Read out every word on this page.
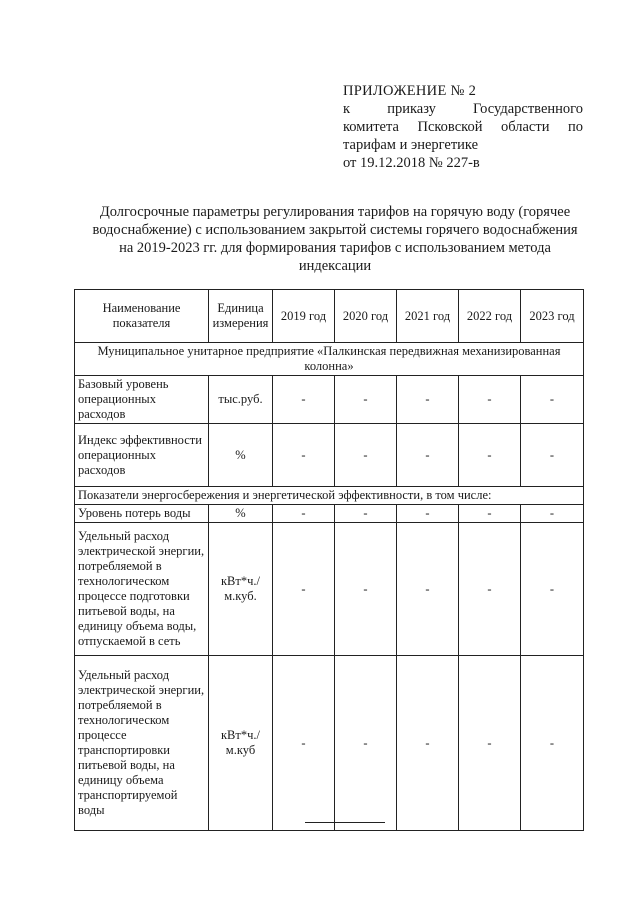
ПРИЛОЖЕНИЕ № 2
к приказу Государственного
комитета Псковской области по
тарифам и энергетике
от 19.12.2018 № 227-в
Долгосрочные параметры регулирования тарифов на горячую воду (горячее водоснабжение) с использованием закрытой системы горячего водоснабжения на 2019-2023 гг. для формирования тарифов с использованием метода индексации
Наименование показателя	Единица измерения	2019 год	2020 год	2021 год	2022 год	2023 год
Муниципальное унитарное предприятие «Палкинская передвижная механизированная колонна»						
Базовый уровень операционных расходов	тыс.руб.	-	-	-	-	-
Индекс эффективности операционных расходов	%	-	-	-	-	-
Показатели энергосбережения и энергетической эффективности, в том числе:						
Уровень потерь воды	%	-	-	-	-	-
Удельный расход электрической энергии, потребляемой в технологическом процессе подготовки питьевой воды, на единицу объема воды, отпускаемой в сеть	кВт*ч./м.куб.	-	-	-	-	-
Удельный расход электрической энергии, потребляемой в технологическом процессе транспортировки питьевой воды, на единицу объема транспортируемой воды	кВт*ч./м.куб	-	-	-	-	-
